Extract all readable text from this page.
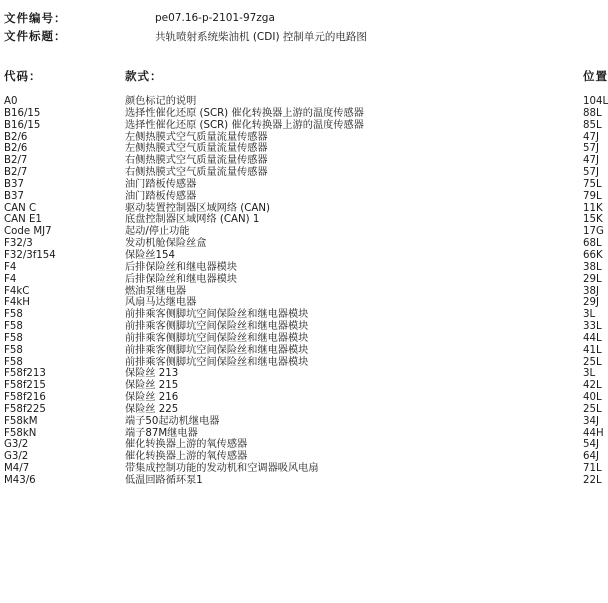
文件编号：	pe07.16-p-2101-97zga
文件标题：	共轨喷射系统柴油机 (CDI) 控制单元的电路图
代码：	款式：	位置
A0	颜色标记的说明	104L
B16/15	选择性催化还原 (SCR) 催化转换器上游的温度传感器	88L
B16/15	选择性催化还原 (SCR) 催化转换器上游的温度传感器	85L
B2/6	左侧热膜式空气质量流量传感器	47J
B2/6	左侧热膜式空气质量流量传感器	57J
B2/7	右侧热膜式空气质量流量传感器	47J
B2/7	右侧热膜式空气质量流量传感器	57J
B37	油门踏板传感器	75L
B37	油门踏板传感器	79L
CAN C	驱动装置控制器区域网络 (CAN)	11K
CAN E1	底盘控制器区域网络 (CAN) 1	15K
Code MJ7	起动/停止功能	17G
F32/3	发动机舱保险丝盒	68L
F32/3f154	保险丝154	66K
F4	后排保险丝和继电器模块	38L
F4	后排保险丝和继电器模块	29L
F4kC	燃油泵继电器	38J
F4kH	风扇马达继电器	29J
F58	前排乘客侧脚坑空间保险丝和继电器模块	3L
F58	前排乘客侧脚坑空间保险丝和继电器模块	33L
F58	前排乘客侧脚坑空间保险丝和继电器模块	44L
F58	前排乘客侧脚坑空间保险丝和继电器模块	41L
F58	前排乘客侧脚坑空间保险丝和继电器模块	25L
F58f213	保险丝 213	3L
F58f215	保险丝 215	42L
F58f216	保险丝 216	40L
F58f225	保险丝 225	25L
F58kM	端子50起动机继电器	34J
F58kN	端子87M继电器	44H
G3/2	催化转换器上游的氧传感器	54J
G3/2	催化转换器上游的氧传感器	64J
M4/7	带集成控制功能的发动机和空调器吸风电扇	71L
M43/6	低温回路循环泵1	22L
